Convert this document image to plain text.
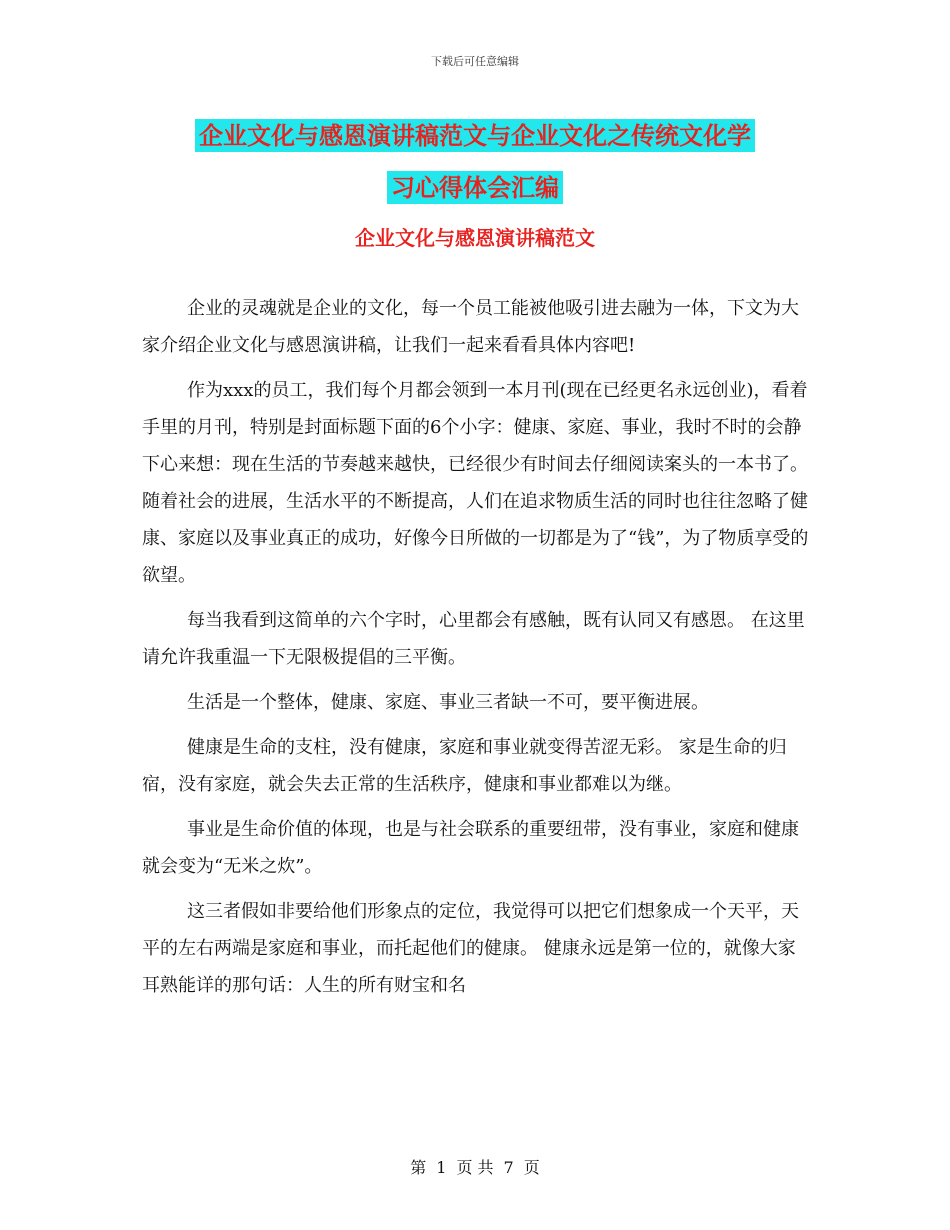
下载后可任意编辑
企业文化与感恩演讲稿范文与企业文化之传统文化学
习心得体会汇编
企业文化与感恩演讲稿范文

企业的灵魂就是企业的文化，每一个员工能被他吸引进去融为一体，下文为大家介绍企业文化与感恩演讲稿，让我们一起来看看具体内容吧!

作为xxx的员工，我们每个月都会领到一本月刊(现在已经更名永远创业)，看着手里的月刊，特别是封面标题下面的6个小字：健康、家庭、事业，我时不时的会静下心来想：现在生活的节奏越来越快，已经很少有时间去仔细阅读案头的一本书了。 随着社会的进展，生活水平的不断提高，人们在追求物质生活的同时也往往忽略了健康、家庭以及事业真正的成功，好像今日所做的一切都是为了“钱”，为了物质享受的欲望。

每当我看到这简单的六个字时，心里都会有感触，既有认同又有感恩。 在这里请允许我重温一下无限极提倡的三平衡。

生活是一个整体，健康、家庭、事业三者缺一不可，要平衡进展。

健康是生命的支柱，没有健康，家庭和事业就变得苦涩无彩。 家是生命的归宿，没有家庭，就会失去正常的生活秩序，健康和事业都难以为继。

事业是生命价值的体现，也是与社会联系的重要纽带，没有事业，家庭和健康就会变为“无米之炊”。

这三者假如非要给他们形象点的定位，我觉得可以把它们想象成一个天平，天平的左右两端是家庭和事业，而托起他们的健康。 健康永远是第一位的，就像大家耳熟能详的那句话：人生的所有财宝和名

第 1 页 共 7 页
